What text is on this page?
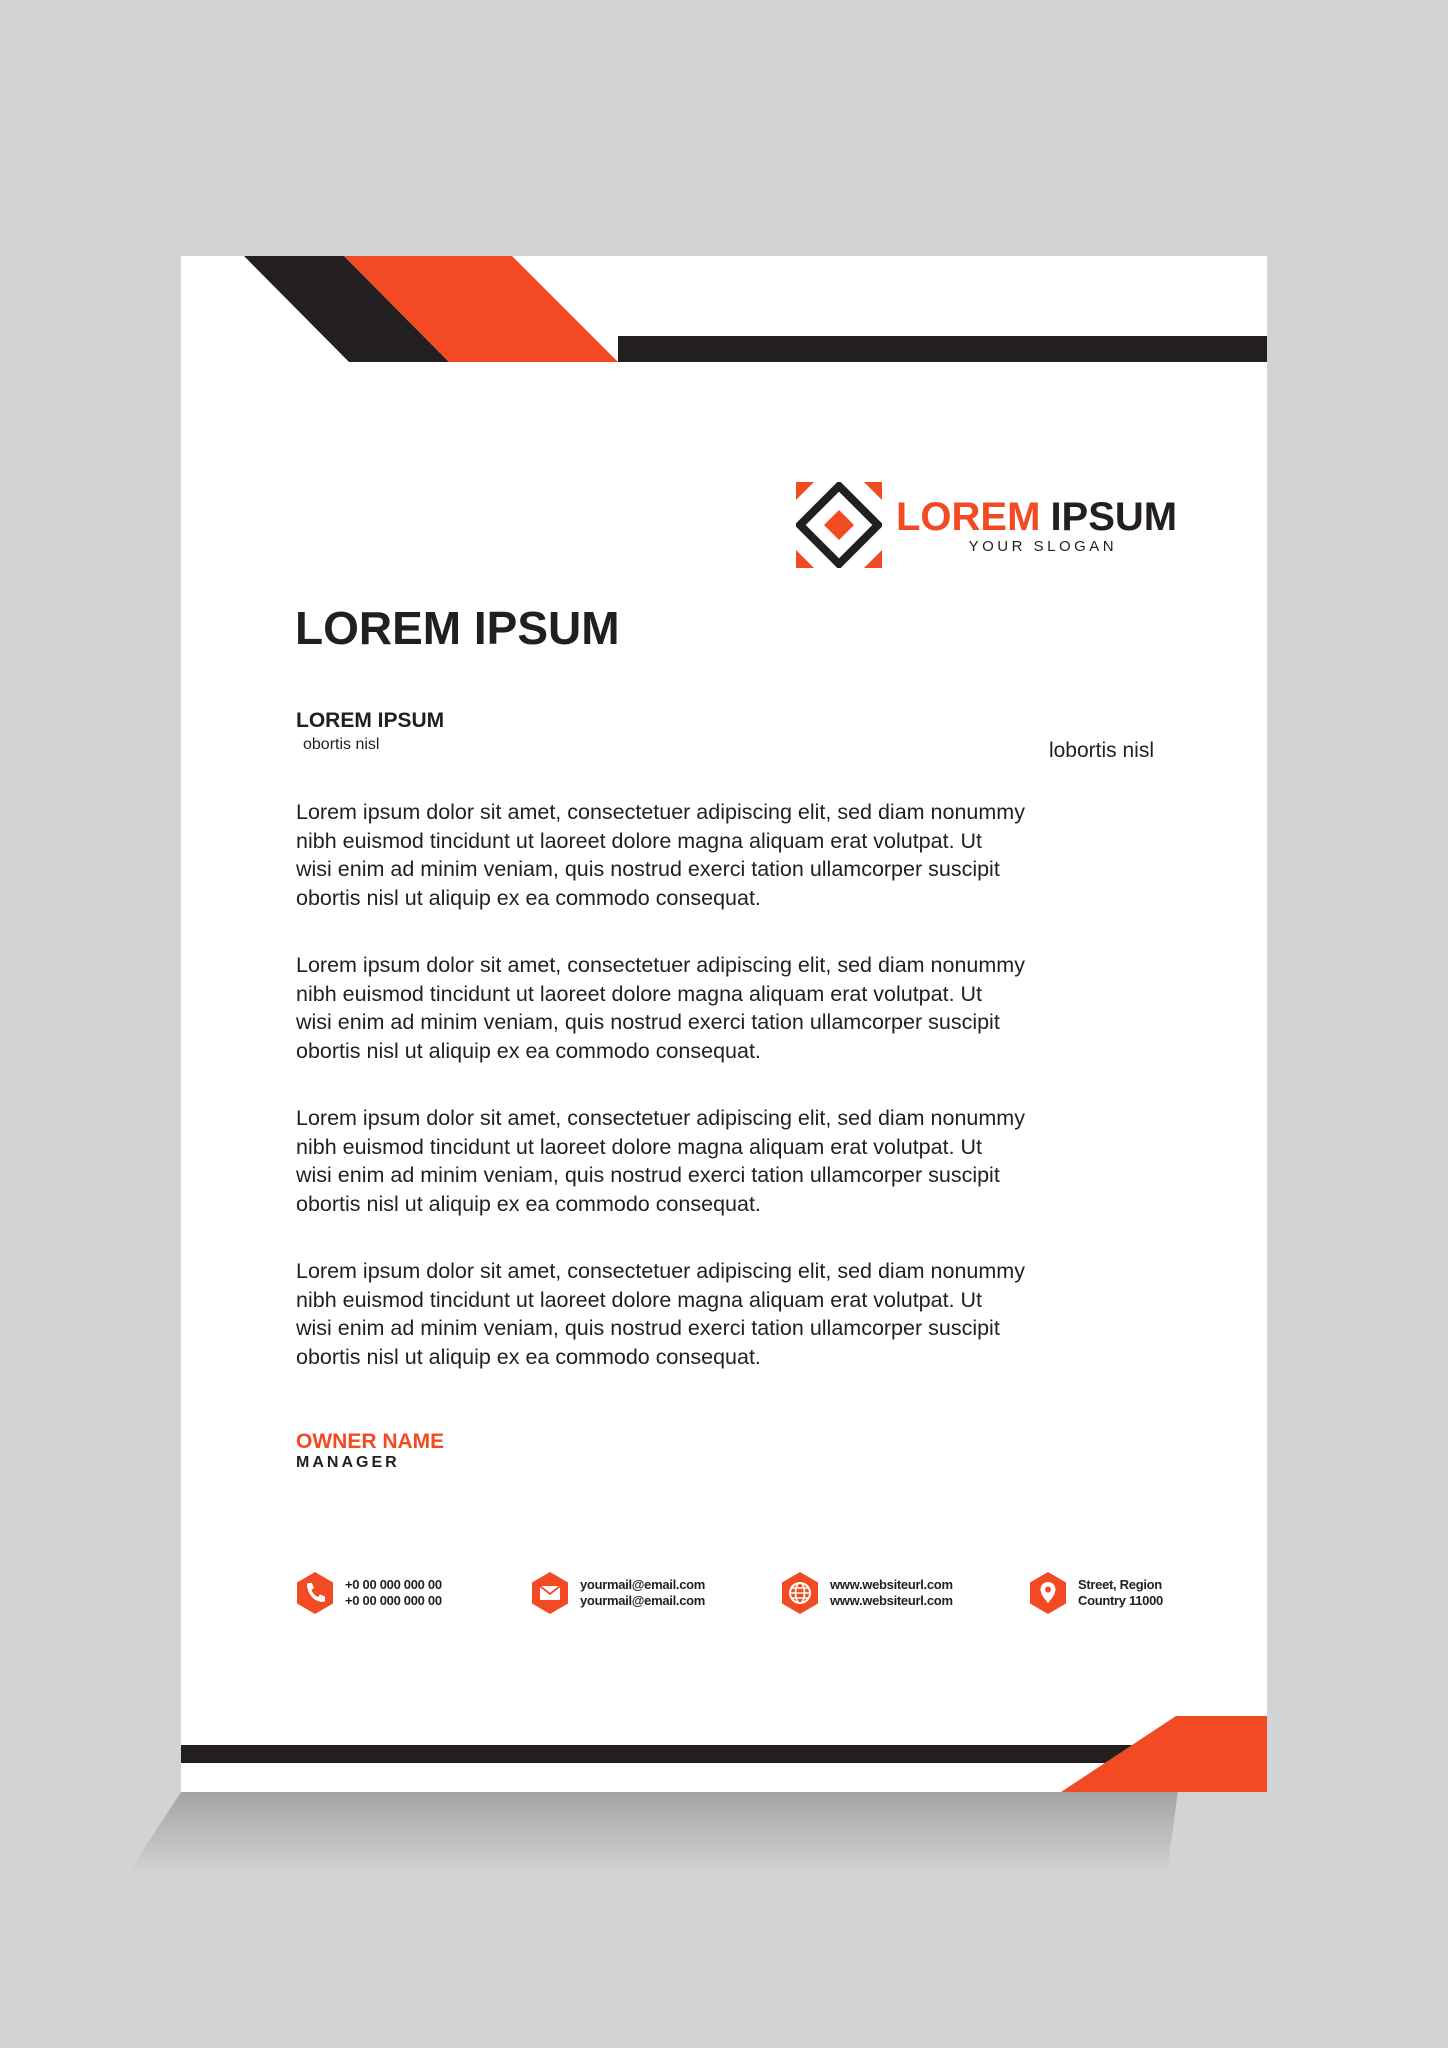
LOREM IPSUM
YOUR SLOGAN
LOREM IPSUM
LOREM IPSUM
obortis nisl	lobortis nisl

Lorem ipsum dolor sit amet, consectetuer adipiscing elit, sed diam nonummy
nibh euismod tincidunt ut laoreet dolore magna aliquam erat volutpat. Ut
wisi enim ad minim veniam, quis nostrud exerci tation ullamcorper suscipit
obortis nisl ut aliquip ex ea commodo consequat.

Lorem ipsum dolor sit amet, consectetuer adipiscing elit, sed diam nonummy
nibh euismod tincidunt ut laoreet dolore magna aliquam erat volutpat. Ut
wisi enim ad minim veniam, quis nostrud exerci tation ullamcorper suscipit
obortis nisl ut aliquip ex ea commodo consequat.

Lorem ipsum dolor sit amet, consectetuer adipiscing elit, sed diam nonummy
nibh euismod tincidunt ut laoreet dolore magna aliquam erat volutpat. Ut
wisi enim ad minim veniam, quis nostrud exerci tation ullamcorper suscipit
obortis nisl ut aliquip ex ea commodo consequat.

Lorem ipsum dolor sit amet, consectetuer adipiscing elit, sed diam nonummy
nibh euismod tincidunt ut laoreet dolore magna aliquam erat volutpat. Ut
wisi enim ad minim veniam, quis nostrud exerci tation ullamcorper suscipit
obortis nisl ut aliquip ex ea commodo consequat.

OWNER NAME
MANAGER
+0 00 000 000 00
+0 00 000 000 00
yourmail@email.com
yourmail@email.com
www.websiteurl.com
www.websiteurl.com
Street, Region
Country 11000
